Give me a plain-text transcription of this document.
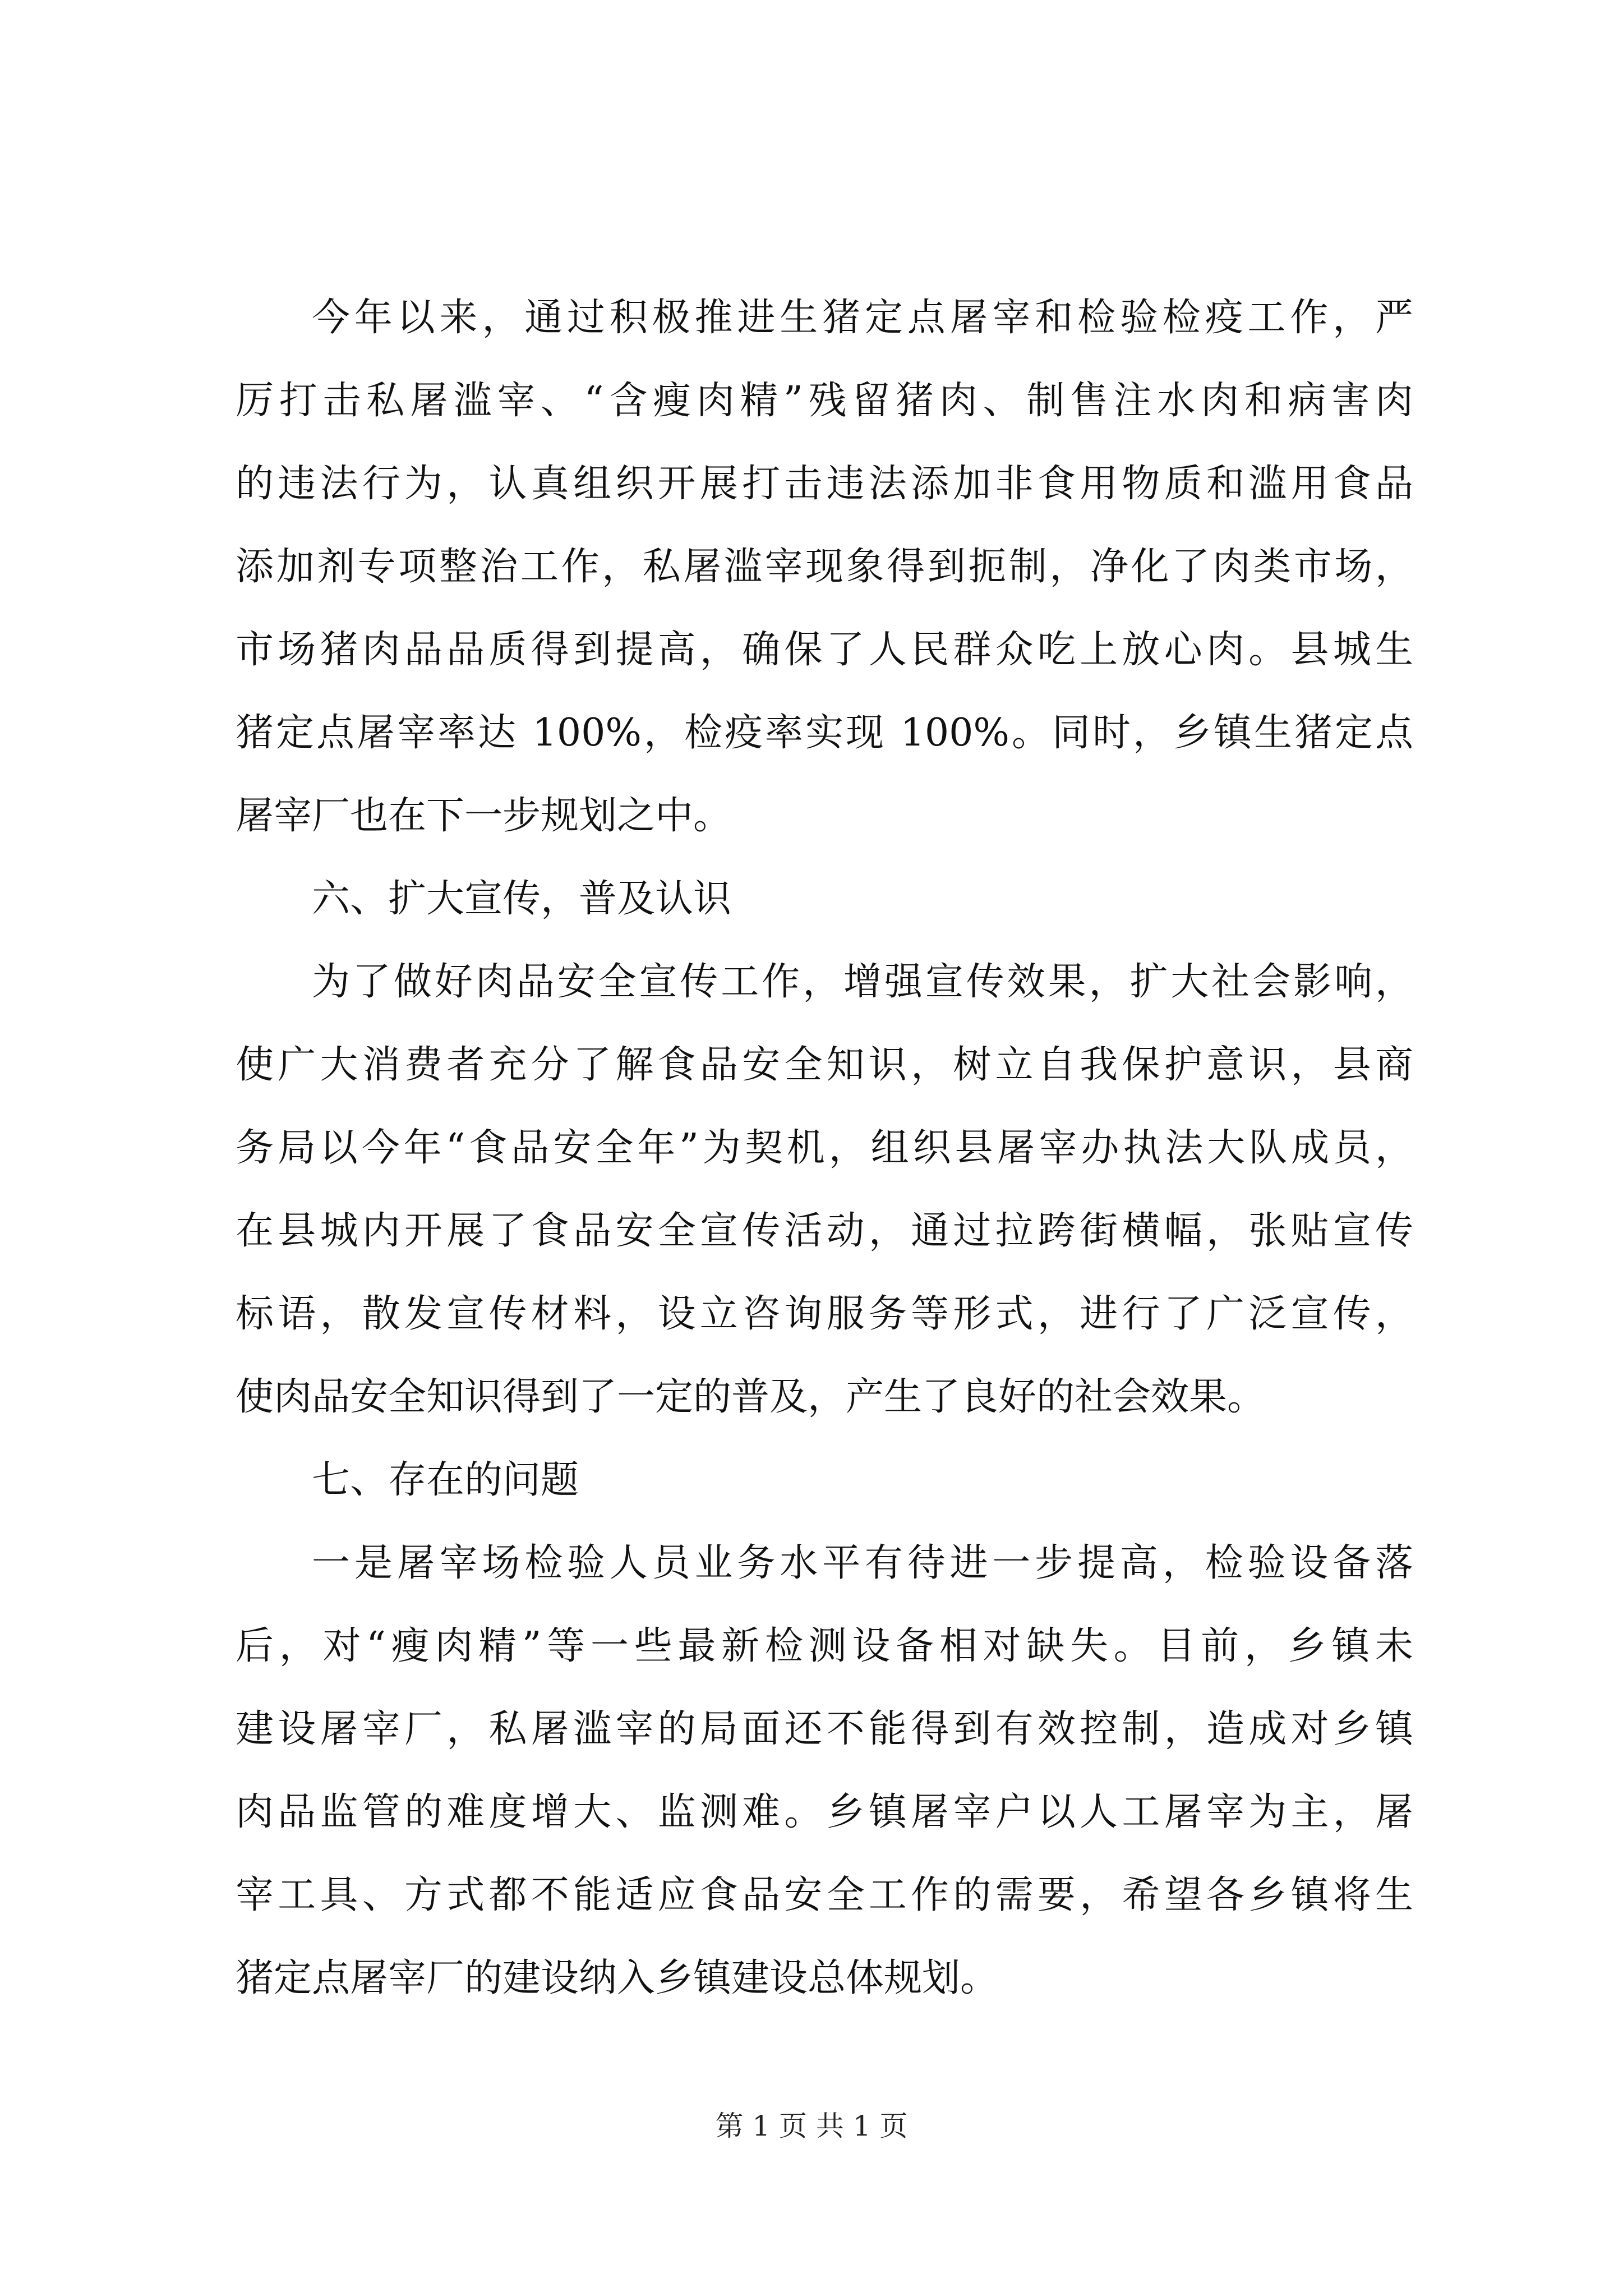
今年以来，通过积极推进生猪定点屠宰和检验检疫工作，严
厉打击私屠滥宰、“含瘦肉精”残留猪肉、制售注水肉和病害肉
的违法行为，认真组织开展打击违法添加非食用物质和滥用食品
添加剂专项整治工作，私屠滥宰现象得到扼制，净化了肉类市场，
市场猪肉品品质得到提高，确保了人民群众吃上放心肉。县城生
猪定点屠宰率达 100%，检疫率实现 100%。同时，乡镇生猪定点
屠宰厂也在下一步规划之中。
六、扩大宣传，普及认识
为了做好肉品安全宣传工作，增强宣传效果，扩大社会影响，
使广大消费者充分了解食品安全知识，树立自我保护意识，县商
务局以今年“食品安全年”为契机，组织县屠宰办执法大队成员，
在县城内开展了食品安全宣传活动，通过拉跨街横幅，张贴宣传
标语，散发宣传材料，设立咨询服务等形式，进行了广泛宣传，
使肉品安全知识得到了一定的普及，产生了良好的社会效果。
七、存在的问题
一是屠宰场检验人员业务水平有待进一步提高，检验设备落
后，对“瘦肉精”等一些最新检测设备相对缺失。目前，乡镇未
建设屠宰厂，私屠滥宰的局面还不能得到有效控制，造成对乡镇
肉品监管的难度增大、监测难。乡镇屠宰户以人工屠宰为主，屠
宰工具、方式都不能适应食品安全工作的需要，希望各乡镇将生
猪定点屠宰厂的建设纳入乡镇建设总体规划。
第 1 页 共 1 页
